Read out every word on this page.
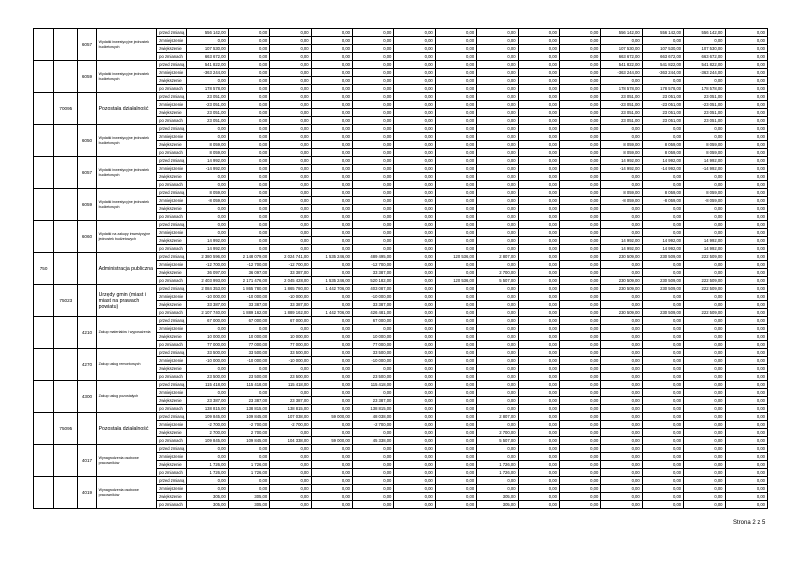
		6057	Wydatki inwestycyjne jednostek budżetowych	przed zmianą	556 142,00	0,00	0,00	0,00	0,00	0,00	0,00	0,00	0,00	0,00	556 142,00	556 142,00	556 142,00	0,00
				zmniejszenie	0,00	0,00	0,00	0,00	0,00	0,00	0,00	0,00	0,00	0,00	0,00	0,00	0,00	0,00
				zwiększenie	107 530,00	0,00	0,00	0,00	0,00	0,00	0,00	0,00	0,00	0,00	107 530,00	107 530,00	107 530,00	0,00
				po zmianach	663 672,00	0,00	0,00	0,00	0,00	0,00	0,00	0,00	0,00	0,00	663 672,00	663 672,00	663 672,00	0,00
		6059	Wydatki inwestycyjne jednostek budżetowych	przed zmianą	541 822,00	0,00	0,00	0,00	0,00	0,00	0,00	0,00	0,00	0,00	541 822,00	541 822,00	541 822,00	0,00
				zmniejszenie	-363 244,00	0,00	0,00	0,00	0,00	0,00	0,00	0,00	0,00	0,00	-363 244,00	-363 244,00	-363 244,00	0,00
				zwiększenie	0,00	0,00	0,00	0,00	0,00	0,00	0,00	0,00	0,00	0,00	0,00	0,00	0,00	0,00
				po zmianach	178 578,00	0,00	0,00	0,00	0,00	0,00	0,00	0,00	0,00	0,00	178 578,00	178 578,00	178 578,00	0,00
	70095		Pozostała działalność	przed zmianą	23 051,00	0,00	0,00	0,00	0,00	0,00	0,00	0,00	0,00	0,00	23 051,00	23 051,00	23 051,00	0,00
				zmniejszenie	-23 051,00	0,00	0,00	0,00	0,00	0,00	0,00	0,00	0,00	0,00	-23 051,00	-23 051,00	-23 051,00	0,00
				zwiększenie	23 051,00	0,00	0,00	0,00	0,00	0,00	0,00	0,00	0,00	0,00	23 051,00	23 051,00	23 051,00	0,00
				po zmianach	23 051,00	0,00	0,00	0,00	0,00	0,00	0,00	0,00	0,00	0,00	23 051,00	23 051,00	23 051,00	0,00
		6050	Wydatki inwestycyjne jednostek budżetowych	przed zmianą	0,00	0,00	0,00	0,00	0,00	0,00	0,00	0,00	0,00	0,00	0,00	0,00	0,00	0,00
				zmniejszenie	0,00	0,00	0,00	0,00	0,00	0,00	0,00	0,00	0,00	0,00	0,00	0,00	0,00	0,00
				zwiększenie	8 059,00	0,00	0,00	0,00	0,00	0,00	0,00	0,00	0,00	0,00	8 059,00	8 059,00	8 059,00	0,00
				po zmianach	8 059,00	0,00	0,00	0,00	0,00	0,00	0,00	0,00	0,00	0,00	8 059,00	8 059,00	8 059,00	0,00
		6057	Wydatki inwestycyjne jednostek budżetowych	przed zmianą	14 992,00	0,00	0,00	0,00	0,00	0,00	0,00	0,00	0,00	0,00	14 992,00	14 992,00	14 992,00	0,00
				zmniejszenie	-14 992,00	0,00	0,00	0,00	0,00	0,00	0,00	0,00	0,00	0,00	-14 992,00	-14 992,00	-14 992,00	0,00
				zwiększenie	0,00	0,00	0,00	0,00	0,00	0,00	0,00	0,00	0,00	0,00	0,00	0,00	0,00	0,00
				po zmianach	0,00	0,00	0,00	0,00	0,00	0,00	0,00	0,00	0,00	0,00	0,00	0,00	0,00	0,00
		6059	Wydatki inwestycyjne jednostek budżetowych	przed zmianą	8 059,00	0,00	0,00	0,00	0,00	0,00	0,00	0,00	0,00	0,00	8 059,00	8 059,00	8 059,00	0,00
				zmniejszenie	-8 059,00	0,00	0,00	0,00	0,00	0,00	0,00	0,00	0,00	0,00	-8 059,00	-8 059,00	-8 059,00	0,00
				zwiększenie	0,00	0,00	0,00	0,00	0,00	0,00	0,00	0,00	0,00	0,00	0,00	0,00	0,00	0,00
				po zmianach	0,00	0,00	0,00	0,00	0,00	0,00	0,00	0,00	0,00	0,00	0,00	0,00	0,00	0,00
		6060	Wydatki na zakupy inwestycyjne jednostek budżetowych	przed zmianą	0,00	0,00	0,00	0,00	0,00	0,00	0,00	0,00	0,00	0,00	0,00	0,00	0,00	0,00
				zmniejszenie	0,00	0,00	0,00	0,00	0,00	0,00	0,00	0,00	0,00	0,00	0,00	0,00	0,00	0,00
				zwiększenie	14 992,00	0,00	0,00	0,00	0,00	0,00	0,00	0,00	0,00	0,00	14 992,00	14 992,00	14 992,00	0,00
				po zmianach	14 992,00	0,00	0,00	0,00	0,00	0,00	0,00	0,00	0,00	0,00	14 992,00	14 992,00	14 992,00	0,00
750			Administracja publiczna	przed zmianą	2 380 596,00	2 148 079,00	2 024 741,00	1 535 246,00	489 495,00	0,00	120 536,00	2 807,00	0,00	0,00	230 509,00	230 509,00	222 509,00	0,00
				zmniejszenie	-12 700,00	-12 700,00	-12 700,00	0,00	-12 700,00	0,00	0,00	0,00	0,00	0,00	0,00	0,00	0,00	0,00
				zwiększenie	36 097,00	36 097,00	33 387,00	0,00	33 387,00	0,00	0,00	2 700,00	0,00	0,00	0,00	0,00	0,00	0,00
				po zmianach	2 403 993,00	2 171 476,00	2 045 428,00	1 535 246,00	520 182,00	0,00	120 536,00	5 507,00	0,00	0,00	230 509,00	230 509,00	222 509,00	0,00
	75023		Urzędy gmin (miast i miast na prawach powiatu)	przed zmianą	2 084 353,00	1 865 780,00	1 865 780,00	1 442 706,00	403 087,00	0,00	0,00	0,00	0,00	0,00	230 509,00	230 509,00	222 509,00	0,00
				zmniejszenie	-10 000,00	-10 000,00	-10 000,00	0,00	-10 000,00	0,00	0,00	0,00	0,00	0,00	0,00	0,00	0,00	0,00
				zwiększenie	33 387,00	33 387,00	33 387,00	0,00	33 387,00	0,00	0,00	0,00	0,00	0,00	0,00	0,00	0,00	0,00
				po zmianach	2 107 740,00	1 889 162,00	1 889 162,00	1 442 706,00	426 481,00	0,00	0,00	0,00	0,00	0,00	230 509,00	230 509,00	222 509,00	0,00
		4210	Zakup materiałów i wyposażenia	przed zmianą	67 000,00	67 000,00	67 000,00	0,00	67 000,00	0,00	0,00	0,00	0,00	0,00	0,00	0,00	0,00	0,00
				zmniejszenie	0,00	0,00	0,00	0,00	0,00	0,00	0,00	0,00	0,00	0,00	0,00	0,00	0,00	0,00
				zwiększenie	10 000,00	10 000,00	10 000,00	0,00	10 000,00	0,00	0,00	0,00	0,00	0,00	0,00	0,00	0,00	0,00
				po zmianach	77 000,00	77 000,00	77 000,00	0,00	77 000,00	0,00	0,00	0,00	0,00	0,00	0,00	0,00	0,00	0,00
		4270	Zakup usług remontowych	przed zmianą	33 500,00	33 500,00	33 500,00	0,00	33 500,00	0,00	0,00	0,00	0,00	0,00	0,00	0,00	0,00	0,00
				zmniejszenie	-10 000,00	-10 000,00	-10 000,00	0,00	-10 000,00	0,00	0,00	0,00	0,00	0,00	0,00	0,00	0,00	0,00
				zwiększenie	0,00	0,00	0,00	0,00	0,00	0,00	0,00	0,00	0,00	0,00	0,00	0,00	0,00	0,00
				po zmianach	23 500,00	23 500,00	23 500,00	0,00	23 500,00	0,00	0,00	0,00	0,00	0,00	0,00	0,00	0,00	0,00
		4300	Zakup usług pozostałych	przed zmianą	115 418,00	115 418,00	115 418,00	0,00	115 418,00	0,00	0,00	0,00	0,00	0,00	0,00	0,00	0,00	0,00
				zmniejszenie	0,00	0,00	0,00	0,00	0,00	0,00	0,00	0,00	0,00	0,00	0,00	0,00	0,00	0,00
				zwiększenie	23 387,00	23 387,00	23 387,00	0,00	23 387,00	0,00	0,00	0,00	0,00	0,00	0,00	0,00	0,00	0,00
				po zmianach	138 815,00	138 815,00	138 815,00	0,00	138 815,00	0,00	0,00	0,00	0,00	0,00	0,00	0,00	0,00	0,00
	75095		Pozostała działalność	przed zmianą	109 845,00	109 845,00	107 038,00	59 000,00	48 038,00	0,00	0,00	2 807,00	0,00	0,00	0,00	0,00	0,00	0,00
				zmniejszenie	-2 700,00	-2 700,00	-2 700,00	0,00	-2 700,00	0,00	0,00	0,00	0,00	0,00	0,00	0,00	0,00	0,00
				zwiększenie	2 700,00	2 700,00	0,00	0,00	0,00	0,00	0,00	2 700,00	0,00	0,00	0,00	0,00	0,00	0,00
				po zmianach	109 845,00	109 845,00	104 338,00	59 000,00	45 338,00	0,00	0,00	5 507,00	0,00	0,00	0,00	0,00	0,00	0,00
		4017	Wynagrodzenia osobowe pracowników	przed zmianą	0,00	0,00	0,00	0,00	0,00	0,00	0,00	0,00	0,00	0,00	0,00	0,00	0,00	0,00
				zmniejszenie	0,00	0,00	0,00	0,00	0,00	0,00	0,00	0,00	0,00	0,00	0,00	0,00	0,00	0,00
				zwiększenie	1 726,00	1 726,00	0,00	0,00	0,00	0,00	0,00	1 726,00	0,00	0,00	0,00	0,00	0,00	0,00
				po zmianach	1 726,00	1 726,00	0,00	0,00	0,00	0,00	0,00	1 726,00	0,00	0,00	0,00	0,00	0,00	0,00
		4019	Wynagrodzenia osobowe pracowników	przed zmianą	0,00	0,00	0,00	0,00	0,00	0,00	0,00	0,00	0,00	0,00	0,00	0,00	0,00	0,00
				zmniejszenie	0,00	0,00	0,00	0,00	0,00	0,00	0,00	0,00	0,00	0,00	0,00	0,00	0,00	0,00
				zwiększenie	305,00	305,00	0,00	0,00	0,00	0,00	0,00	305,00	0,00	0,00	0,00	0,00	0,00	0,00
				po zmianach	305,00	305,00	0,00	0,00	0,00	0,00	0,00	305,00	0,00	0,00	0,00	0,00	0,00	0,00
Strona 2 z 5
